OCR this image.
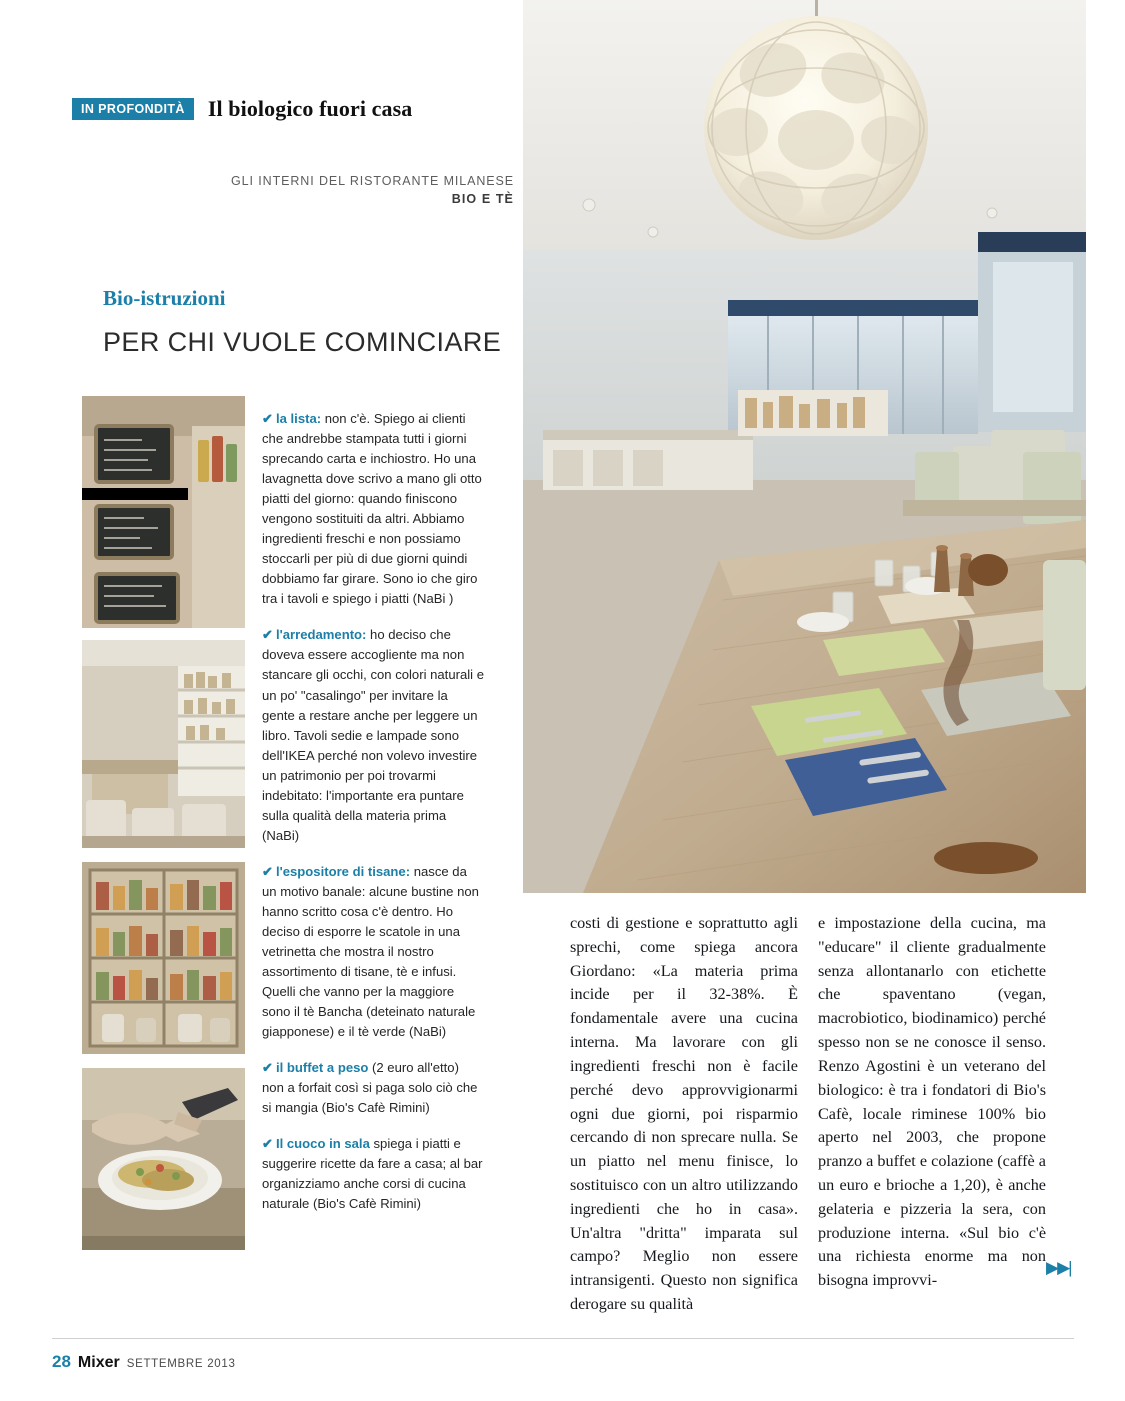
IN PROFONDITÀ	Il biologico fuori casa
GLI INTERNI DEL RISTORANTE MILANESE
BIO E TÈ
Bio-istruzioni
PER CHI VUOLE COMINCIARE

✔ la lista: non c'è. Spiego ai clienti che andrebbe stampata tutti i giorni sprecando carta e inchiostro. Ho una lavagnetta dove scrivo a mano gli otto piatti del giorno: quando finiscono vengono sostituiti da altri. Abbiamo ingredienti freschi e non possiamo stoccarli per più di due giorni quindi dobbiamo far girare. Sono io che giro tra i tavoli e spiego i piatti (NaBi )

✔ l'arredamento: ho deciso che doveva essere accogliente ma non stancare gli occhi, con colori naturali e un po' "casalingo" per invitare la gente a restare anche per leggere un libro. Tavoli sedie e lampade sono dell'IKEA perché non volevo investire un patrimonio per poi trovarmi indebitato: l'importante era puntare sulla qualità della materia prima (NaBi)

✔ l'espositore di tisane: nasce da un motivo banale: alcune bustine non hanno scritto cosa c'è dentro. Ho deciso di esporre le scatole in una vetrinetta che mostra il nostro assortimento di tisane, tè e infusi. Quelli che vanno per la maggiore sono il tè Bancha (deteinato naturale giapponese) e il tè verde (NaBi)

✔ il buffet a peso (2 euro all'etto) non a forfait così si paga solo ciò che si mangia (Bio's Cafè Rimini)

✔ Il cuoco in sala spiega i piatti e suggerire ricette da fare a casa; al bar organizziamo anche corsi di cucina naturale (Bio's Cafè Rimini)

costi di gestione e soprattutto agli sprechi, come spiega ancora Giordano: «La materia prima incide per il 32-38%. È fondamentale avere una cucina interna. Ma lavorare con gli ingredienti freschi non è facile perché devo approvvigionarmi ogni due giorni, poi risparmio cercando di non sprecare nulla. Se un piatto nel menu finisce, lo sostituisco con un altro utilizzando ingredienti che ho in casa». Un'altra "dritta" imparata sul campo? Meglio non essere intransigenti. Questo non significa derogare su qualità

e impostazione della cucina, ma "educare" il cliente gradualmente senza allontanarlo con etichette che spaventano (vegan, macrobiotico, biodinamico) perché spesso non se ne conosce il senso. Renzo Agostini è un veterano del biologico: è tra i fondatori di Bio's Cafè, locale riminese 100% bio aperto nel 2003, che propone pranzo a buffet e colazione (caffè a un euro e brioche a 1,20), è anche gelateria e pizzeria la sera, con produzione interna. «Sul bio c'è una richiesta enorme ma non bisogna improvvi-

▶▶|
28 Mixer SETTEMBRE 2013
